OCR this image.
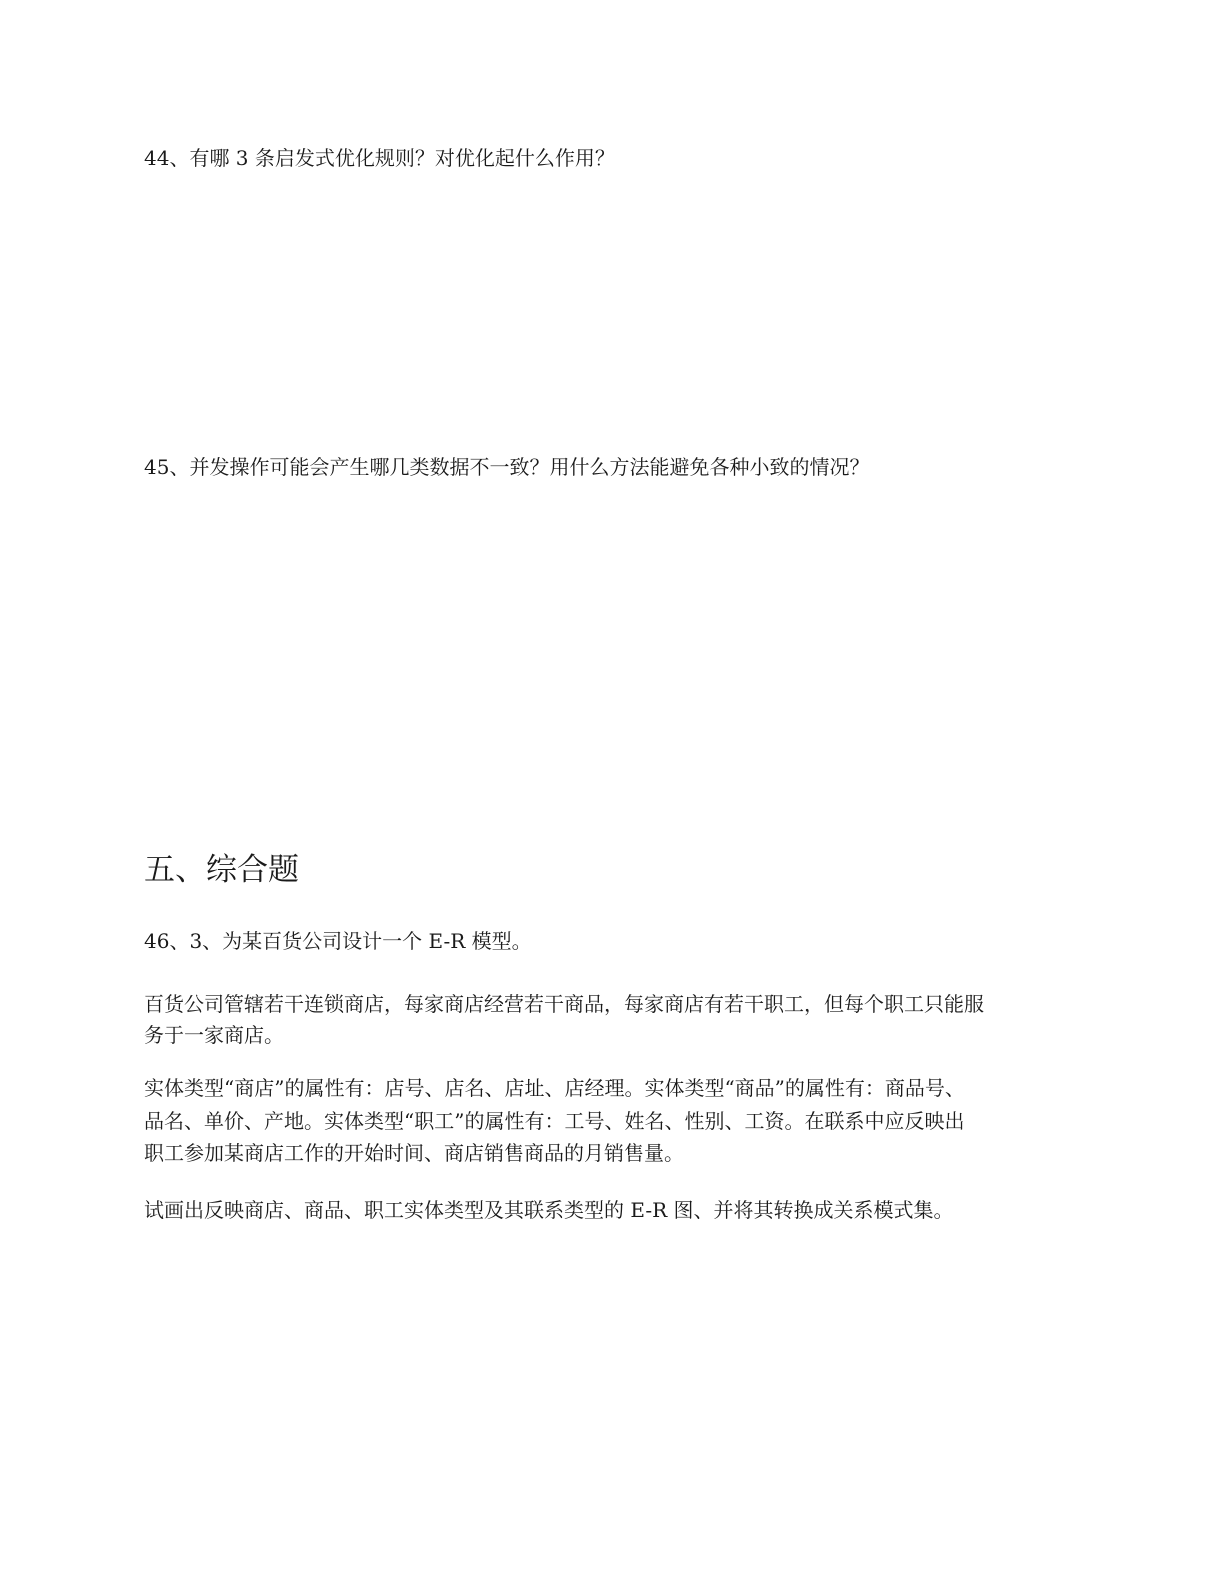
44、有哪 3 条启发式优化规则？对优化起什么作用？

45、并发操作可能会产生哪几类数据不一致？用什么方法能避免各种小致的情况？

五、综合题

46、3、为某百货公司设计一个 E-R 模型。

百货公司管辖若干连锁商店，每家商店经营若干商品，每家商店有若干职工，但每个职工只能服

务于一家商店。

实体类型“商店”的属性有：店号、店名、店址、店经理。实体类型“商品”的属性有：商品号、

品名、单价、产地。实体类型“职工”的属性有：工号、姓名、性别、工资。在联系中应反映出

职工参加某商店工作的开始时间、商店销售商品的月销售量。

试画出反映商店、商品、职工实体类型及其联系类型的 E-R 图、并将其转换成关系模式集。
